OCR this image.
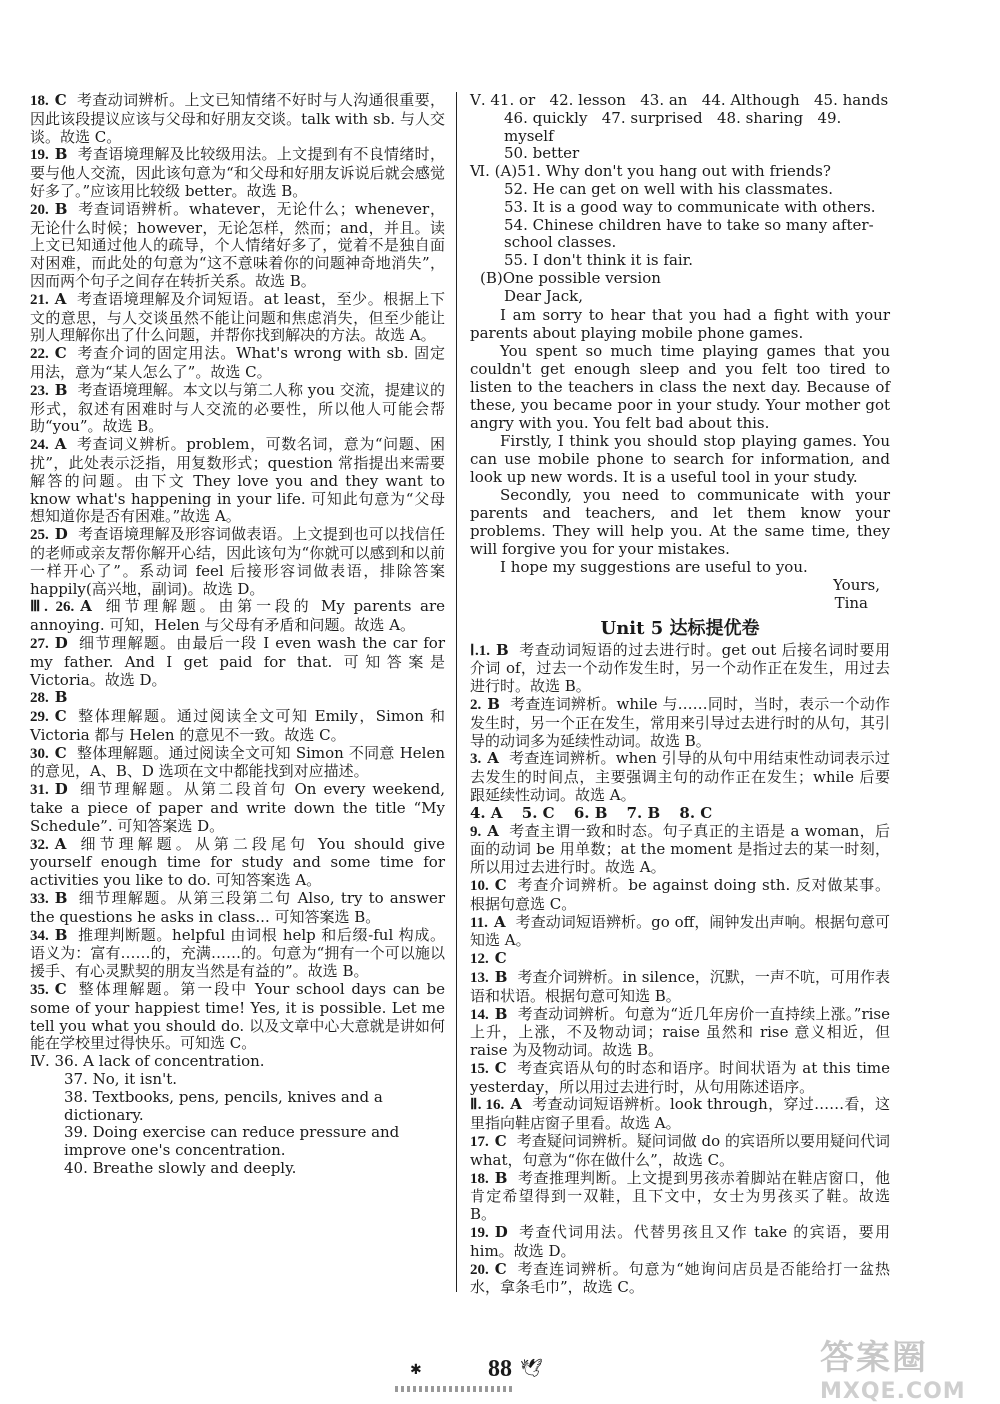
18. C 考查动词辨析。上文已知情绪不好时与人沟通很重要，因此该段提议应该与父母和好朋友交谈。talk with sb. 与人交谈。故选 C。

19. B 考查语境理解及比较级用法。上文提到有不良情绪时，要与他人交流，因此该句意为“和父母和好朋友诉说后就会感觉好多了。”应该用比较级 better。故选 B。

20. B 考查词语辨析。whatever，无论什么；whenever，无论什么时候；however，无论怎样，然而；and，并且。读上文已知通过他人的疏导，个人情绪好多了，觉着不是独自面对困难，而此处的句意为“这不意味着你的问题神奇地消失”，因而两个句子之间存在转折关系。故选 B。

21. A 考查语境理解及介词短语。at least，至少。根据上下文的意思，与人交谈虽然不能让问题和焦虑消失，但至少能让别人理解你出了什么问题，并帮你找到解决的方法。故选 A。

22. C 考查介词的固定用法。What's wrong with sb. 固定用法，意为“某人怎么了”。故选 C。

23. B 考查语境理解。本文以与第二人称 you 交流，提建议的形式，叙述有困难时与人交流的必要性，所以他人可能会帮助“you”。故选 B。

24. A 考查词义辨析。problem，可数名词，意为“问题、困扰”，此处表示泛指，用复数形式；question 常指提出来需要解答的问题。由下文 They love you and they want to know what's happening in your life. 可知此句意为“父母想知道你是否有困难。”故选 A。

25. D 考查语境理解及形容词做表语。上文提到也可以找信任的老师或亲友帮你解开心结，因此该句为“你就可以感到和以前一样开心了”。系动词 feel 后接形容词做表语，排除答案 happily(高兴地，副词)。故选 D。

Ⅲ. 26. A 细节理解题。由第一段的 My parents are annoying. 可知，Helen 与父母有矛盾和问题。故选 A。

27. D 细节理解题。由最后一段 I even wash the car for my father. And I get paid for that. 可知答案是 Victoria。故选 D。

28. B

29. C 整体理解题。通过阅读全文可知 Emily，Simon 和 Victoria 都与 Helen 的意见不一致。故选 C。

30. C 整体理解题。通过阅读全文可知 Simon 不同意 Helen 的意见，A、B、D 选项在文中都能找到对应描述。

31. D 细节理解题。从第二段首句 On every weekend, take a piece of paper and write down the title “My Schedule”. 可知答案选 D。

32. A 细节理解题。从第二段尾句 You should give yourself enough time for study and some time for activities you like to do. 可知答案选 A。

33. B 细节理解题。从第三段第二句 Also, try to answer the questions he asks in class... 可知答案选 B。

34. B 推理判断题。helpful 由词根 help 和后缀-ful 构成。语义为：富有……的，充满……的。句意为“拥有一个可以施以援手、有心灵默契的朋友当然是有益的”。故选 B。

35. C 整体理解题。第一段中 Your school days can be some of your happiest time! Yes, it is possible. Let me tell you what you should do. 以及文章中心大意就是讲如何能在学校里过得快乐。可知选 C。

Ⅳ. 36. A lack of concentration.

37. No, it isn't.

38. Textbooks, pens, pencils, knives and a dictionary.

39. Doing exercise can reduce pressure and improve one's concentration.

40. Breathe slowly and deeply.

Ⅴ. 41. or 42. lesson 43. an 44. Although 45. hands

46. quickly 47. surprised 48. sharing 49. myself

50. better

Ⅵ. (A)51. Why don't you hang out with friends?

52. He can get on well with his classmates.

53. It is a good way to communicate with others.

54. Chinese children have to take so many after-school classes.

55. I don't think it is fair.

(B)One possible version

Dear Jack,

I am sorry to hear that you had a fight with your parents about playing mobile phone games.

You spent so much time playing games that you couldn't get enough sleep and you felt too tired to listen to the teachers in class the next day. Because of these, you became poor in your study. Your mother got angry with you. You felt bad about this.

Firstly, I think you should stop playing games. You can use mobile phone to search for information, and look up new words. It is a useful tool in your study.

Secondly, you need to communicate with your parents and teachers, and let them know your problems. They will help you. At the same time, they will forgive you for your mistakes.

I hope my suggestions are useful to you.

Yours,

Tina

Unit 5 达标提优卷

Ⅰ.1. B 考查动词短语的过去进行时。get out 后接名词时要用介词 of，过去一个动作发生时，另一个动作正在发生，用过去进行时。故选 B。

2. B 考查连词辨析。while 与……同时，当时，表示一个动作发生时，另一个正在发生，常用来引导过去进行时的从句，其引导的动词多为延续性动词。故选 B。

3. A 考查连词辨析。when 引导的从句中用结束性动词表示过去发生的时间点，主要强调主句的动作正在发生；while 后要跟延续性动词。故选 A。

4. A 5. C 6. B 7. B 8. C

9. A 考查主谓一致和时态。句子真正的主语是 a woman，后面的动词 be 用单数；at the moment 是指过去的某一时刻，所以用过去进行时。故选 A。

10. C 考查介词辨析。be against doing sth. 反对做某事。根据句意选 C。

11. A 考查动词短语辨析。go off，闹钟发出声响。根据句意可知选 A。

12. C

13. B 考查介词辨析。in silence，沉默，一声不吭，可用作表语和状语。根据句意可知选 B。

14. B 考查动词辨析。句意为“近几年房价一直持续上涨。”rise 上升，上涨，不及物动词；raise 虽然和 rise 意义相近，但 raise 为及物动词。故选 B。

15. C 考查宾语从句的时态和语序。时间状语为 at this time yesterday，所以用过去进行时，从句用陈述语序。

Ⅱ. 16. A 考查动词短语辨析。look through，穿过……看，这里指向鞋店窗子里看。故选 A。

17. C 考查疑问词辨析。疑问词做 do 的宾语所以要用疑问代词 what，句意为“你在做什么”，故选 C。

18. B 考查推理判断。上文提到男孩赤着脚站在鞋店窗口，他肯定希望得到一双鞋，且下文中，女士为男孩买了鞋。故选 B。

19. D 考查代词用法。代替男孩且又作 take 的宾语，要用 him。故选 D。

20. C 考查连词辨析。句意为“她询问店员是否能给打一盆热水，拿条毛巾”，故选 C。

✱	88 🕊	答案圈
MXQE.COM
